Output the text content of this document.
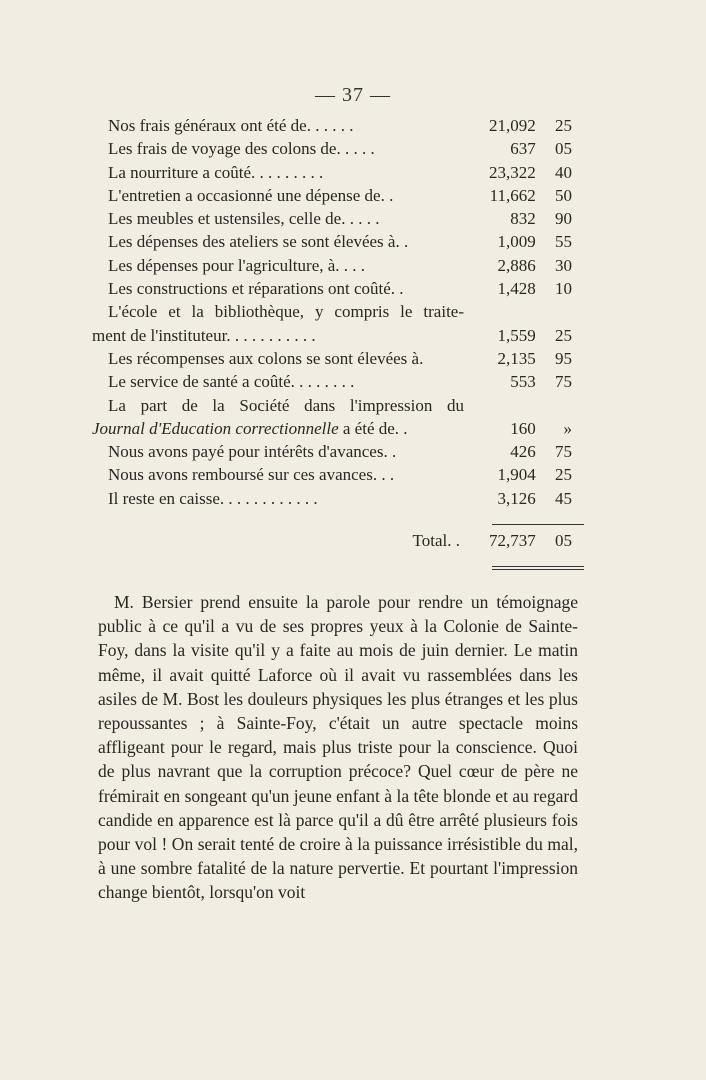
— 37 —
Nos frais généraux ont été de. . . . . .	21,092 25
Les frais de voyage des colons de. . . . .	637 05
La nourriture a coûté. . . . . . . . .	23,322 40
L'entretien a occasionné une dépense de. .	11,662 50
Les meubles et ustensiles, celle de. . . . .	832 90
Les dépenses des ateliers se sont élevées à. .	1,009 55
Les dépenses pour l'agriculture, à. . . .	2,886 30
Les constructions et réparations ont coûté. .	1,428 10
L'école et la bibliothèque, y compris le traite-
ment de l'instituteur. . . . . . . . . . .	1,559 25
Les récompenses aux colons se sont élevées à.	2,135 95
Le service de santé a coûté. . . . . . . .	553 75
La part de la Société dans l'impression du
Journal d'Education correctionnelle a été de. .	160 »
Nous avons payé pour intérêts d'avances. .	426 75
Nous avons remboursé sur ces avances. . .	1,904 25
Il reste en caisse. . . . . . . . . . . .	3,126 45
Total. .	72,737 05

M. Bersier prend ensuite la parole pour rendre un témoignage public à ce qu'il a vu de ses propres yeux à la Colonie de Sainte-Foy, dans la visite qu'il y a faite au mois de juin dernier. Le matin même, il avait quitté Laforce où il avait vu rassemblées dans les asiles de M. Bost les douleurs physiques les plus étranges et les plus repoussantes ; à Sainte-Foy, c'était un autre spectacle moins affligeant pour le regard, mais plus triste pour la conscience. Quoi de plus navrant que la corruption précoce? Quel cœur de père ne frémirait en songeant qu'un jeune enfant à la tête blonde et au regard candide en apparence est là parce qu'il a dû être arrêté plusieurs fois pour vol ! On serait tenté de croire à la puissance irrésistible du mal, à une sombre fatalité de la nature pervertie. Et pourtant l'impression change bientôt, lorsqu'on voit
